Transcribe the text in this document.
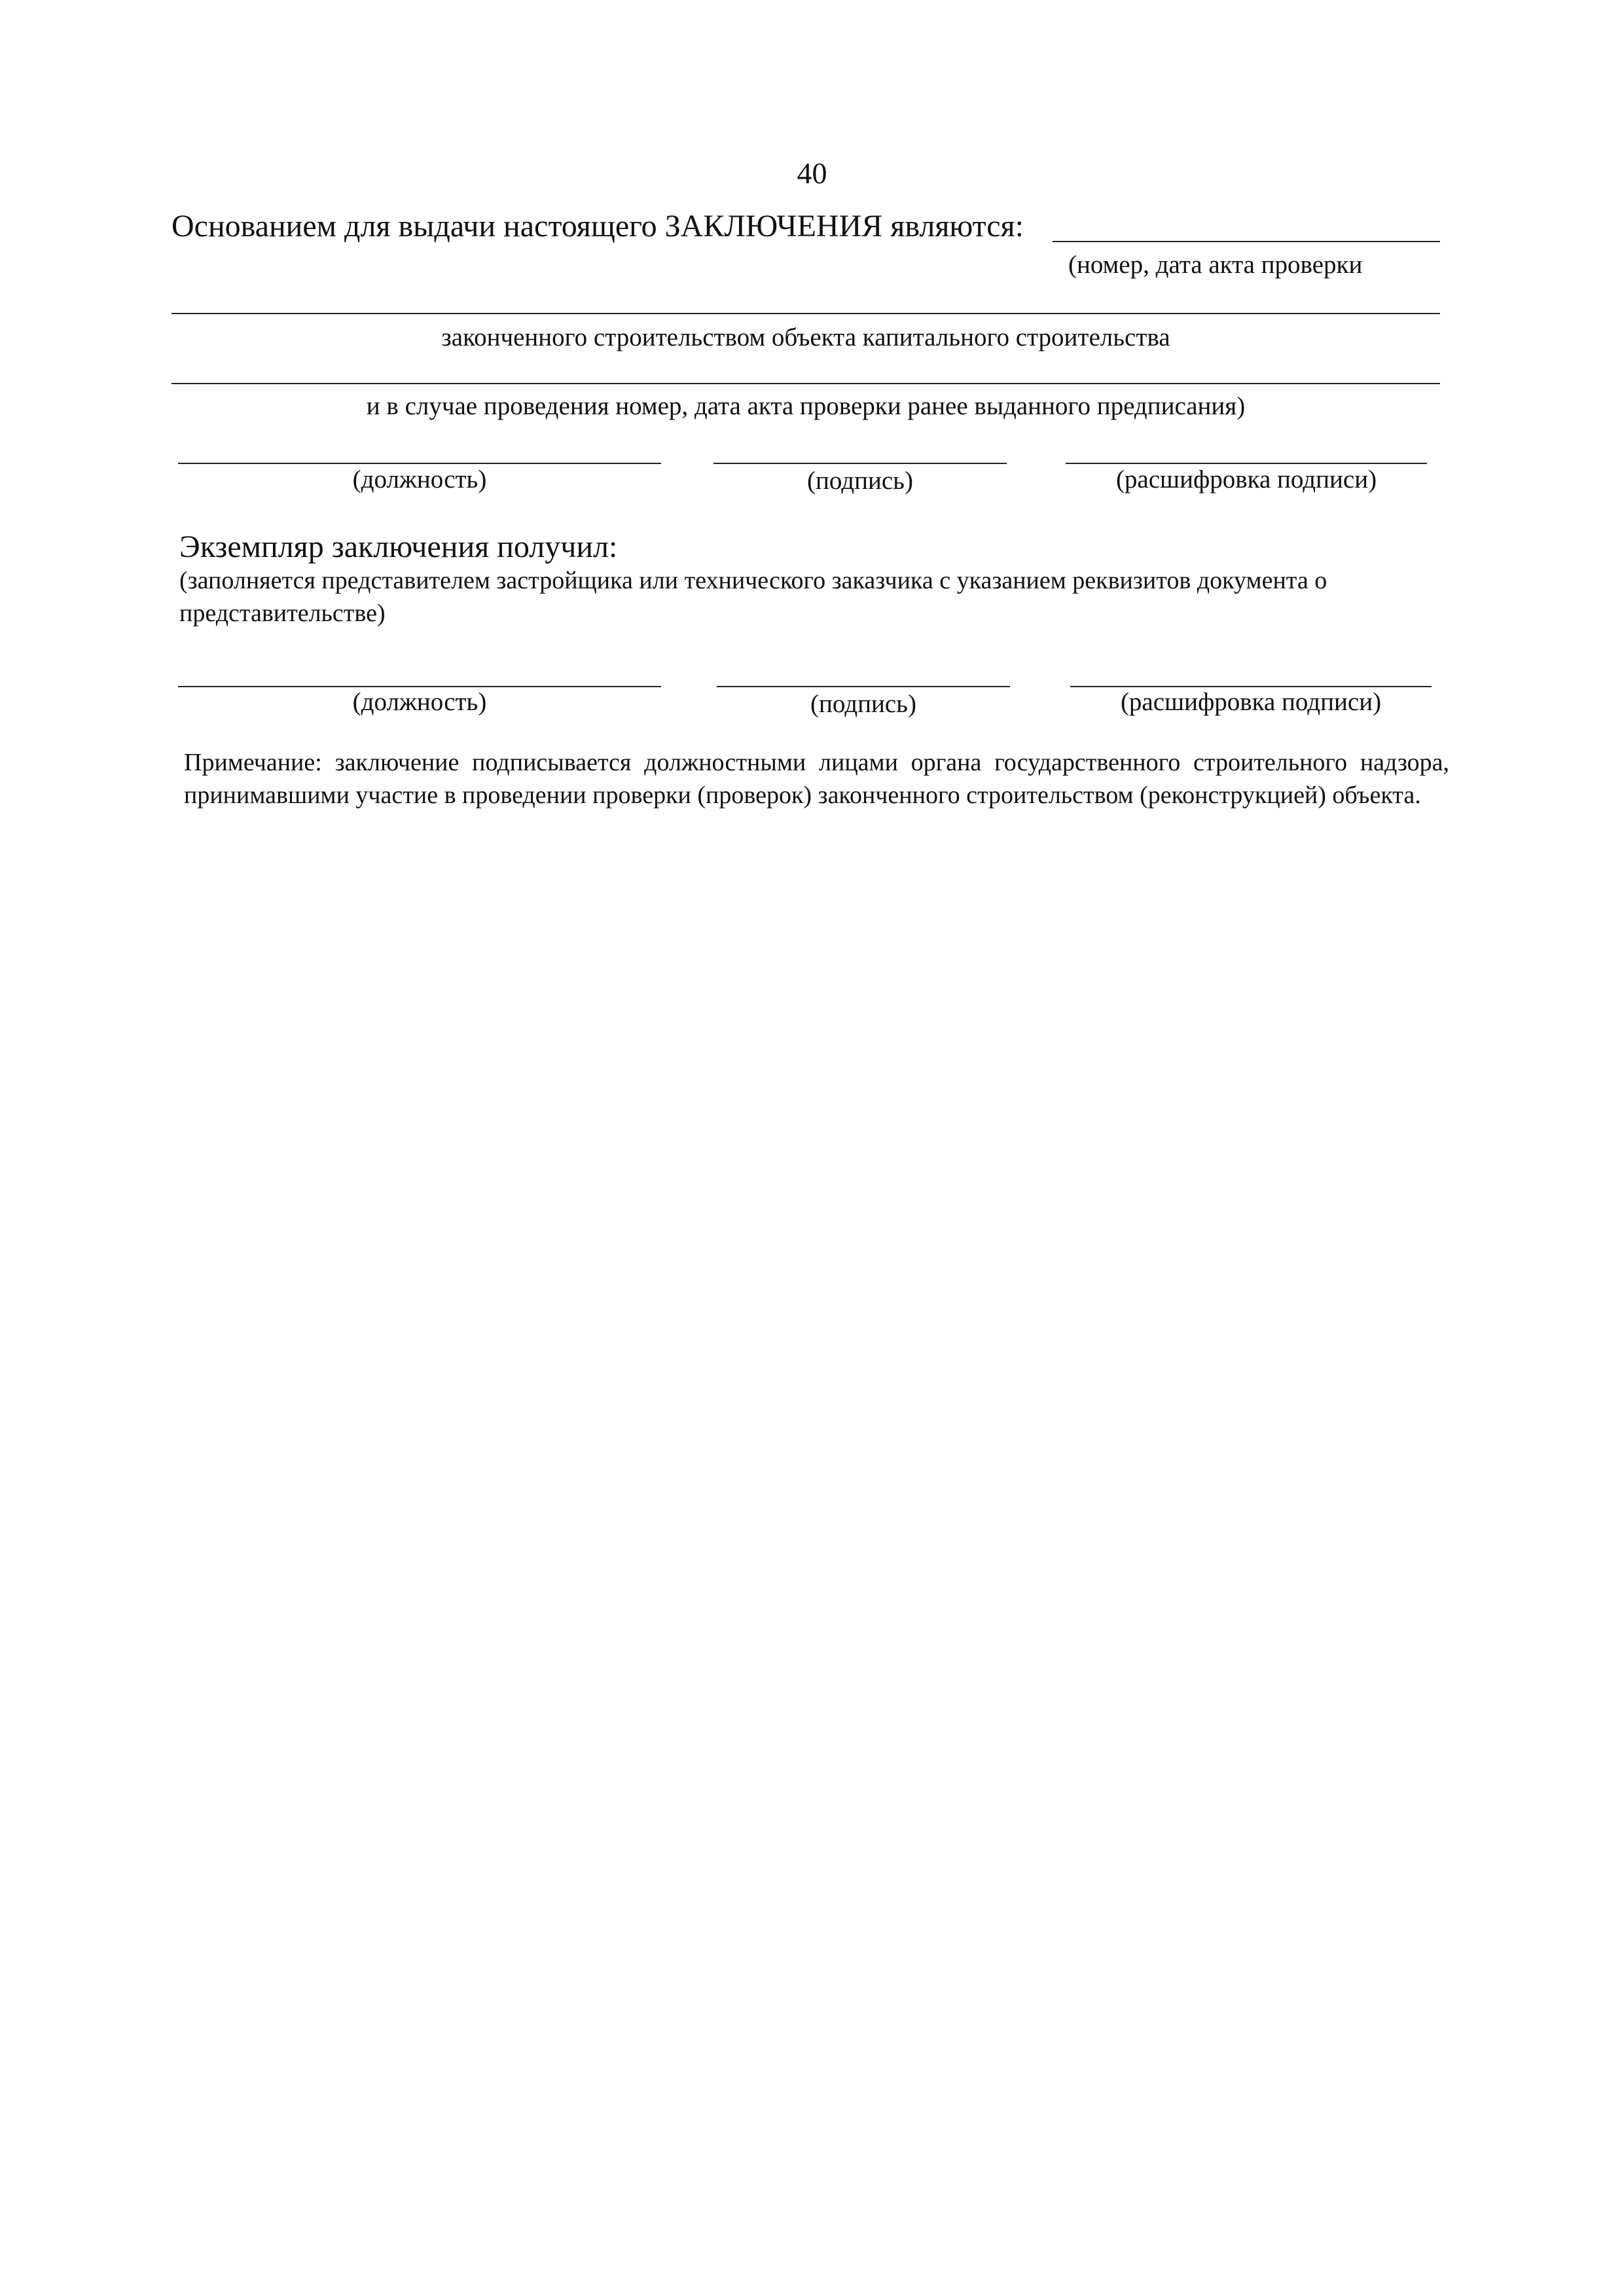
40
Основанием для выдачи настоящего ЗАКЛЮЧЕНИЯ являются:
(номер, дата акта проверки
законченного строительством объекта капитального строительства
и в случае проведения номер, дата акта проверки ранее выданного предписания)
(должность)	(подпись)	(расшифровка подписи)
Экземпляр заключения получил:
(заполняется представителем застройщика или технического заказчика с указанием реквизитов документа о представительстве)
(должность)	(подпись)	(расшифровка подписи)
Примечание: заключение подписывается должностными лицами органа государственного строительного надзора, принимавшими участие в проведении проверки (проверок) законченного строительством (реконструкцией) объекта.
